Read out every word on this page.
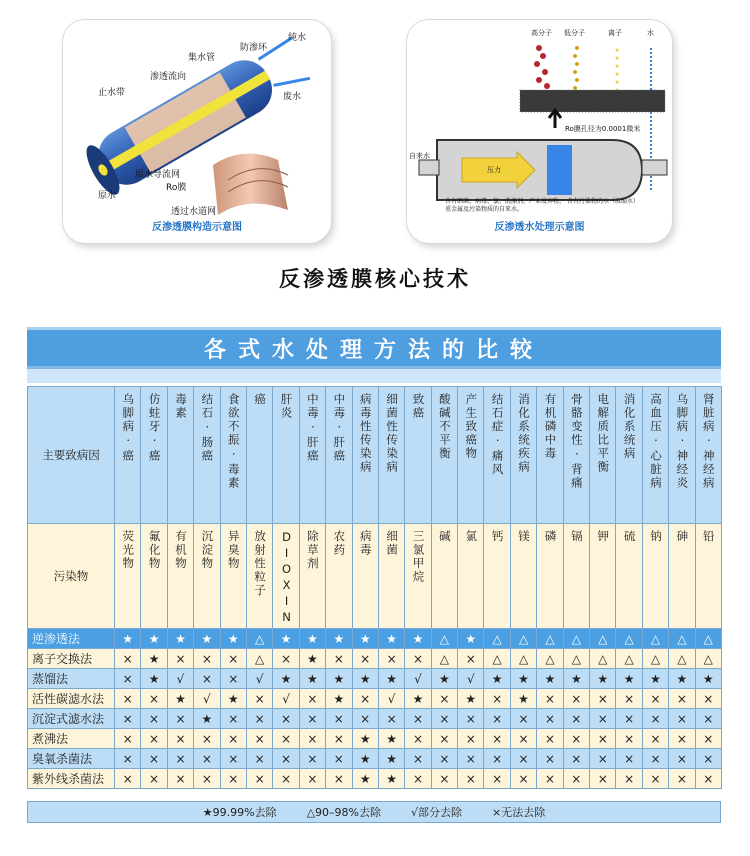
纯水
防渗环
集水管
渗透流向
止水带	废水
原水导流网
Ro膜
原水
透过水道网
反渗透膜构造示意图
高分子 低分子	离子	水
Ro膜孔径为0.0001微米
自来水
压力
含有细菌、病毒、氯、洗涤剂、产业废弃物、重金属及污染物质的自来水。
含有污染物的水（浓缩水）
反渗透水处理示意图
反渗透膜核心技术
各式水处理方法的比较
主要致病因	乌脚病·癌	仿蛀牙·癌	毒素	结石·肠癌	食欲不振·毒素	癌	肝炎	中毒·肝癌	中毒·肝癌	病毒性传染病	细菌性传染病	致癌	酸碱不平衡	产生致癌物	结石症·痛风	消化系统疾病	有机磷中毒	骨骼变性·背痛	电解质比平衡	消化系统病	高血压·心脏病	乌脚病·神经炎	肾脏病·神经病

污染物	荧光物	氟化物	有机物	沉淀物	异臭物	放射性粒子	DIOXIN	除草剂	农药	病毒	细菌	三氯甲烷	碱	氯	钙	镁	磷	镉	钾	硫	钠	砷	铅

逆渗透法	★	★	★	★	★	△	★	★	★	★	★	★	△	★	△	△	△	△	△	△	△	△	△
离子交换法	×	★	×	×	×	△	×	★	×	×	×	×	△	×	△	△	△	△	△	△	△	△	△
蒸馏法	×	★	√	×	×	√	★	★	★	★	★	√	★	√	★	★	★	★	★	★	★	★	★
活性碳滤水法	×	×	★	√	★	×	√	×	★	×	√	★	×	★	×	★	×	×	×	×	×	×	×
沉淀式滤水法	×	×	×	★	×	×	×	×	×	×	×	×	×	×	×	×	×	×	×	×	×	×	×
煮沸法	×	×	×	×	×	×	×	×	×	★	★	×	×	×	×	×	×	×	×	×	×	×	×
臭氧杀菌法	×	×	×	×	×	×	×	×	×	★	★	×	×	×	×	×	×	×	×	×	×	×	×
紫外线杀菌法	×	×	×	×	×	×	×	×	×	★	★	×	×	×	×	×	×	×	×	×	×	×	×
★99.99%去除	△90–98%去除	√部分去除	×无法去除
